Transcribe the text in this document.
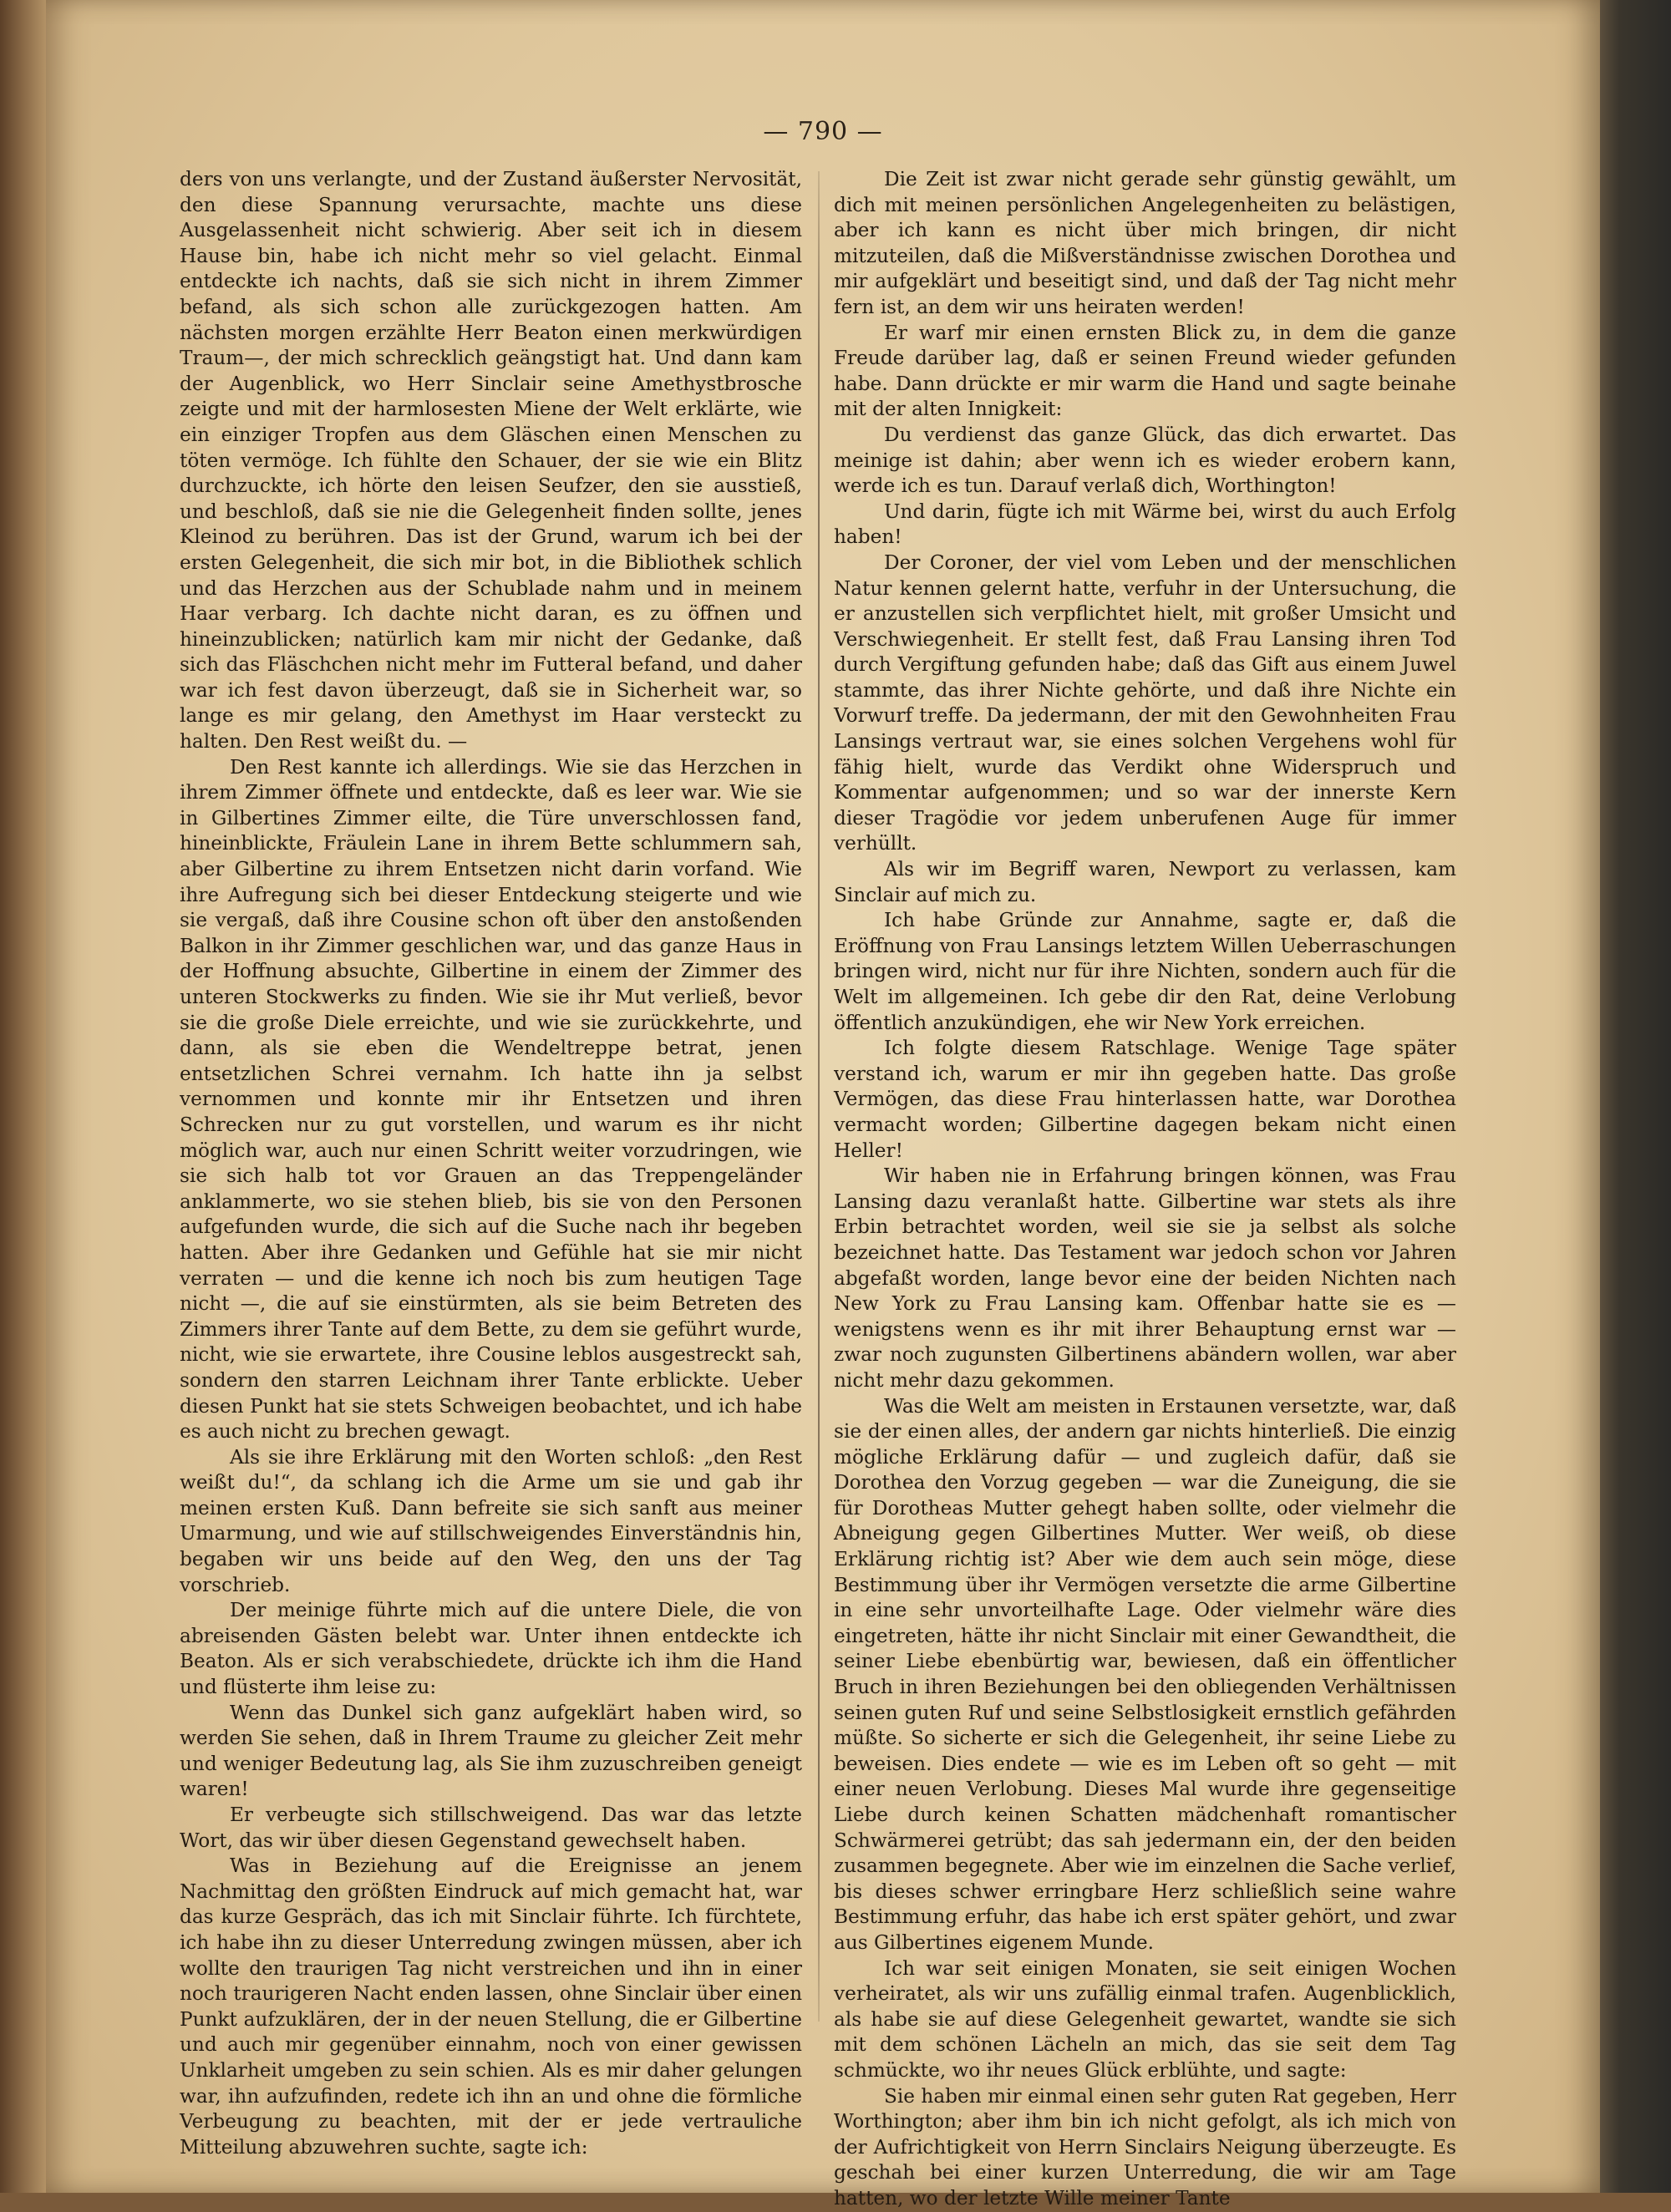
— 790 —

ders von uns verlangte, und der Zustand äußerster Nervosität, den diese Spannung verursachte, machte uns diese Ausgelassenheit nicht schwierig. Aber seit ich in diesem Hause bin, habe ich nicht mehr so viel gelacht. Einmal entdeckte ich nachts, daß sie sich nicht in ihrem Zimmer befand, als sich schon alle zurückgezogen hatten. Am nächsten morgen erzählte Herr Beaton einen merkwürdigen Traum—, der mich schrecklich geängstigt hat. Und dann kam der Augenblick, wo Herr Sinclair seine Amethystbrosche zeigte und mit der harmlosesten Miene der Welt erklärte, wie ein einziger Tropfen aus dem Gläschen einen Menschen zu töten vermöge. Ich fühlte den Schauer, der sie wie ein Blitz durchzuckte, ich hörte den leisen Seufzer, den sie ausstieß, und beschloß, daß sie nie die Gelegenheit finden sollte, jenes Kleinod zu berühren. Das ist der Grund, warum ich bei der ersten Gelegenheit, die sich mir bot, in die Bibliothek schlich und das Herzchen aus der Schublade nahm und in meinem Haar verbarg. Ich dachte nicht daran, es zu öffnen und hineinzublicken; natürlich kam mir nicht der Gedanke, daß sich das Fläschchen nicht mehr im Futteral befand, und daher war ich fest davon überzeugt, daß sie in Sicherheit war, so lange es mir gelang, den Amethyst im Haar versteckt zu halten. Den Rest weißt du. —

Den Rest kannte ich allerdings. Wie sie das Herzchen in ihrem Zimmer öffnete und entdeckte, daß es leer war. Wie sie in Gilbertines Zimmer eilte, die Türe unverschlossen fand, hineinblickte, Fräulein Lane in ihrem Bette schlummern sah, aber Gilbertine zu ihrem Entsetzen nicht darin vorfand. Wie ihre Aufregung sich bei dieser Entdeckung steigerte und wie sie vergaß, daß ihre Cousine schon oft über den anstoßenden Balkon in ihr Zimmer geschlichen war, und das ganze Haus in der Hoffnung absuchte, Gilbertine in einem der Zimmer des unteren Stockwerks zu finden. Wie sie ihr Mut verließ, bevor sie die große Diele erreichte, und wie sie zurückkehrte, und dann, als sie eben die Wendeltreppe betrat, jenen entsetzlichen Schrei vernahm. Ich hatte ihn ja selbst vernommen und konnte mir ihr Entsetzen und ihren Schrecken nur zu gut vorstellen, und warum es ihr nicht möglich war, auch nur einen Schritt weiter vorzudringen, wie sie sich halb tot vor Grauen an das Treppengeländer anklammerte, wo sie stehen blieb, bis sie von den Personen aufgefunden wurde, die sich auf die Suche nach ihr begeben hatten. Aber ihre Gedanken und Gefühle hat sie mir nicht verraten — und die kenne ich noch bis zum heutigen Tage nicht —, die auf sie einstürmten, als sie beim Betreten des Zimmers ihrer Tante auf dem Bette, zu dem sie geführt wurde, nicht, wie sie erwartete, ihre Cousine leblos ausgestreckt sah, sondern den starren Leichnam ihrer Tante erblickte. Ueber diesen Punkt hat sie stets Schweigen beobachtet, und ich habe es auch nicht zu brechen gewagt.

Als sie ihre Erklärung mit den Worten schloß: „den Rest weißt du!“, da schlang ich die Arme um sie und gab ihr meinen ersten Kuß. Dann befreite sie sich sanft aus meiner Umarmung, und wie auf stillschweigendes Einverständnis hin, begaben wir uns beide auf den Weg, den uns der Tag vorschrieb.

Der meinige führte mich auf die untere Diele, die von abreisenden Gästen belebt war. Unter ihnen entdeckte ich Beaton. Als er sich verabschiedete, drückte ich ihm die Hand und flüsterte ihm leise zu:

Wenn das Dunkel sich ganz aufgeklärt haben wird, so werden Sie sehen, daß in Ihrem Traume zu gleicher Zeit mehr und weniger Bedeutung lag, als Sie ihm zuzuschreiben geneigt waren!

Er verbeugte sich stillschweigend. Das war das letzte Wort, das wir über diesen Gegenstand gewechselt haben.

Was in Beziehung auf die Ereignisse an jenem Nachmittag den größten Eindruck auf mich gemacht hat, war das kurze Gespräch, das ich mit Sinclair führte. Ich fürchtete, ich habe ihn zu dieser Unterredung zwingen müssen, aber ich wollte den traurigen Tag nicht verstreichen und ihn in einer noch traurigeren Nacht enden lassen, ohne Sinclair über einen Punkt aufzuklären, der in der neuen Stellung, die er Gilbertine und auch mir gegenüber einnahm, noch von einer gewissen Unklarheit umgeben zu sein schien. Als es mir daher gelungen war, ihn aufzufinden, redete ich ihn an und ohne die förmliche Verbeugung zu beachten, mit der er jede vertrauliche Mitteilung abzuwehren suchte, sagte ich:

Die Zeit ist zwar nicht gerade sehr günstig gewählt, um dich mit meinen persönlichen Angelegenheiten zu belästigen, aber ich kann es nicht über mich bringen, dir nicht mitzuteilen, daß die Mißverständnisse zwischen Dorothea und mir aufgeklärt und beseitigt sind, und daß der Tag nicht mehr fern ist, an dem wir uns heiraten werden!

Er warf mir einen ernsten Blick zu, in dem die ganze Freude darüber lag, daß er seinen Freund wieder gefunden habe. Dann drückte er mir warm die Hand und sagte beinahe mit der alten Innigkeit:

Du verdienst das ganze Glück, das dich erwartet. Das meinige ist dahin; aber wenn ich es wieder erobern kann, werde ich es tun. Darauf verlaß dich, Worthington!

Und darin, fügte ich mit Wärme bei, wirst du auch Erfolg haben!

Der Coroner, der viel vom Leben und der menschlichen Natur kennen gelernt hatte, verfuhr in der Untersuchung, die er anzustellen sich verpflichtet hielt, mit großer Umsicht und Verschwiegenheit. Er stellt fest, daß Frau Lansing ihren Tod durch Vergiftung gefunden habe; daß das Gift aus einem Juwel stammte, das ihrer Nichte gehörte, und daß ihre Nichte ein Vorwurf treffe. Da jedermann, der mit den Gewohnheiten Frau Lansings vertraut war, sie eines solchen Vergehens wohl für fähig hielt, wurde das Verdikt ohne Widerspruch und Kommentar aufgenommen; und so war der innerste Kern dieser Tragödie vor jedem unberufenen Auge für immer verhüllt.

Als wir im Begriff waren, Newport zu verlassen, kam Sinclair auf mich zu.

Ich habe Gründe zur Annahme, sagte er, daß die Eröffnung von Frau Lansings letztem Willen Ueberraschungen bringen wird, nicht nur für ihre Nichten, sondern auch für die Welt im allgemeinen. Ich gebe dir den Rat, deine Verlobung öffentlich anzukündigen, ehe wir New York erreichen.

Ich folgte diesem Ratschlage. Wenige Tage später verstand ich, warum er mir ihn gegeben hatte. Das große Vermögen, das diese Frau hinterlassen hatte, war Dorothea vermacht worden; Gilbertine dagegen bekam nicht einen Heller!

Wir haben nie in Erfahrung bringen können, was Frau Lansing dazu veranlaßt hatte. Gilbertine war stets als ihre Erbin betrachtet worden, weil sie sie ja selbst als solche bezeichnet hatte. Das Testament war jedoch schon vor Jahren abgefaßt worden, lange bevor eine der beiden Nichten nach New York zu Frau Lansing kam. Offenbar hatte sie es — wenigstens wenn es ihr mit ihrer Behauptung ernst war — zwar noch zugunsten Gilbertinens abändern wollen, war aber nicht mehr dazu gekommen.

Was die Welt am meisten in Erstaunen versetzte, war, daß sie der einen alles, der andern gar nichts hinterließ. Die einzig mögliche Erklärung dafür — und zugleich dafür, daß sie Dorothea den Vorzug gegeben — war die Zuneigung, die sie für Dorotheas Mutter gehegt haben sollte, oder vielmehr die Abneigung gegen Gilbertines Mutter. Wer weiß, ob diese Erklärung richtig ist? Aber wie dem auch sein möge, diese Bestimmung über ihr Vermögen versetzte die arme Gilbertine in eine sehr unvorteilhafte Lage. Oder vielmehr wäre dies eingetreten, hätte ihr nicht Sinclair mit einer Gewandtheit, die seiner Liebe ebenbürtig war, bewiesen, daß ein öffentlicher Bruch in ihren Beziehungen bei den obliegenden Verhältnissen seinen guten Ruf und seine Selbstlosigkeit ernstlich gefährden müßte. So sicherte er sich die Gelegenheit, ihr seine Liebe zu beweisen. Dies endete — wie es im Leben oft so geht — mit einer neuen Verlobung. Dieses Mal wurde ihre gegenseitige Liebe durch keinen Schatten mädchenhaft romantischer Schwärmerei getrübt; das sah jedermann ein, der den beiden zusammen begegnete. Aber wie im einzelnen die Sache verlief, bis dieses schwer erringbare Herz schließlich seine wahre Bestimmung erfuhr, das habe ich erst später gehört, und zwar aus Gilbertines eigenem Munde.

Ich war seit einigen Monaten, sie seit einigen Wochen verheiratet, als wir uns zufällig einmal trafen. Augenblicklich, als habe sie auf diese Gelegenheit gewartet, wandte sie sich mit dem schönen Lächeln an mich, das sie seit dem Tag schmückte, wo ihr neues Glück erblühte, und sagte:

Sie haben mir einmal einen sehr guten Rat gegeben, Herr Worthington; aber ihm bin ich nicht gefolgt, als ich mich von der Aufrichtigkeit von Herrn Sinclairs Neigung überzeugte. Es geschah bei einer kurzen Unterredung, die wir am Tage hatten, wo der letzte Wille meiner Tante
